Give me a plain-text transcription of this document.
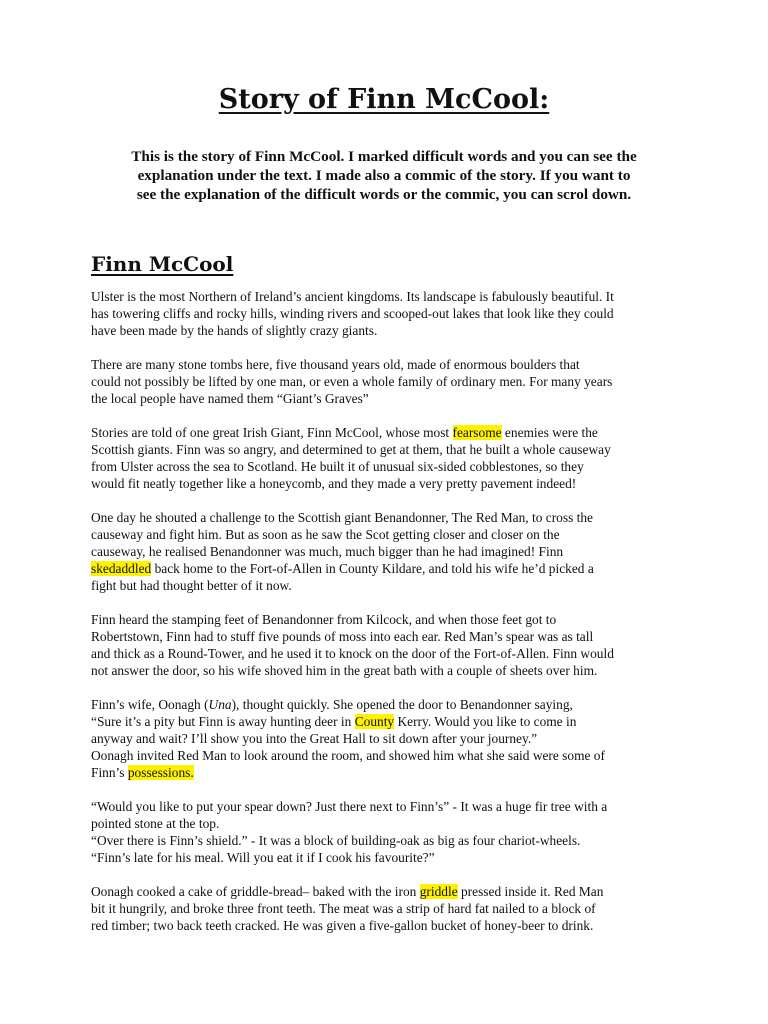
Story of Finn McCool:
This is the story of Finn McCool. I marked difficult words and you can see the
explanation under the text. I made also a commic of the story. If you want to
see the explanation of the difficult words or the commic, you can scrol down.
Finn McCool

Ulster is the most Northern of Ireland’s ancient kingdoms. Its landscape is fabulously beautiful. It
has towering cliffs and rocky hills, winding rivers and scooped-out lakes that look like they could
have been made by the hands of slightly crazy giants.

There are many stone tombs here, five thousand years old, made of enormous boulders that
could not possibly be lifted by one man, or even a whole family of ordinary men. For many years
the local people have named them “Giant’s Graves”

Stories are told of one great Irish Giant, Finn McCool, whose most fearsome enemies were the
Scottish giants. Finn was so angry, and determined to get at them, that he built a whole causeway
from Ulster across the sea to Scotland. He built it of unusual six-sided cobblestones, so they
would fit neatly together like a honeycomb, and they made a very pretty pavement indeed!

One day he shouted a challenge to the Scottish giant Benandonner, The Red Man, to cross the
causeway and fight him. But as soon as he saw the Scot getting closer and closer on the
causeway, he realised Benandonner was much, much bigger than he had imagined! Finn
skedaddled back home to the Fort-of-Allen in County Kildare, and told his wife he’d picked a
fight but had thought better of it now.

Finn heard the stamping feet of Benandonner from Kilcock, and when those feet got to
Robertstown, Finn had to stuff five pounds of moss into each ear. Red Man’s spear was as tall
and thick as a Round-Tower, and he used it to knock on the door of the Fort-of-Allen. Finn would
not answer the door, so his wife shoved him in the great bath with a couple of sheets over him.

Finn’s wife, Oonagh (Una), thought quickly. She opened the door to Benandonner saying,
“Sure it’s a pity but Finn is away hunting deer in County Kerry. Would you like to come in
anyway and wait? I’ll show you into the Great Hall to sit down after your journey.”
Oonagh invited Red Man to look around the room, and showed him what she said were some of
Finn’s possessions.

“Would you like to put your spear down? Just there next to Finn’s” - It was a huge fir tree with a
pointed stone at the top.
“Over there is Finn’s shield.” - It was a block of building-oak as big as four chariot-wheels.
“Finn’s late for his meal. Will you eat it if I cook his favourite?”

Oonagh cooked a cake of griddle-bread– baked with the iron griddle pressed inside it. Red Man
bit it hungrily, and broke three front teeth. The meat was a strip of hard fat nailed to a block of
red timber; two back teeth cracked. He was given a five-gallon bucket of honey-beer to drink.
